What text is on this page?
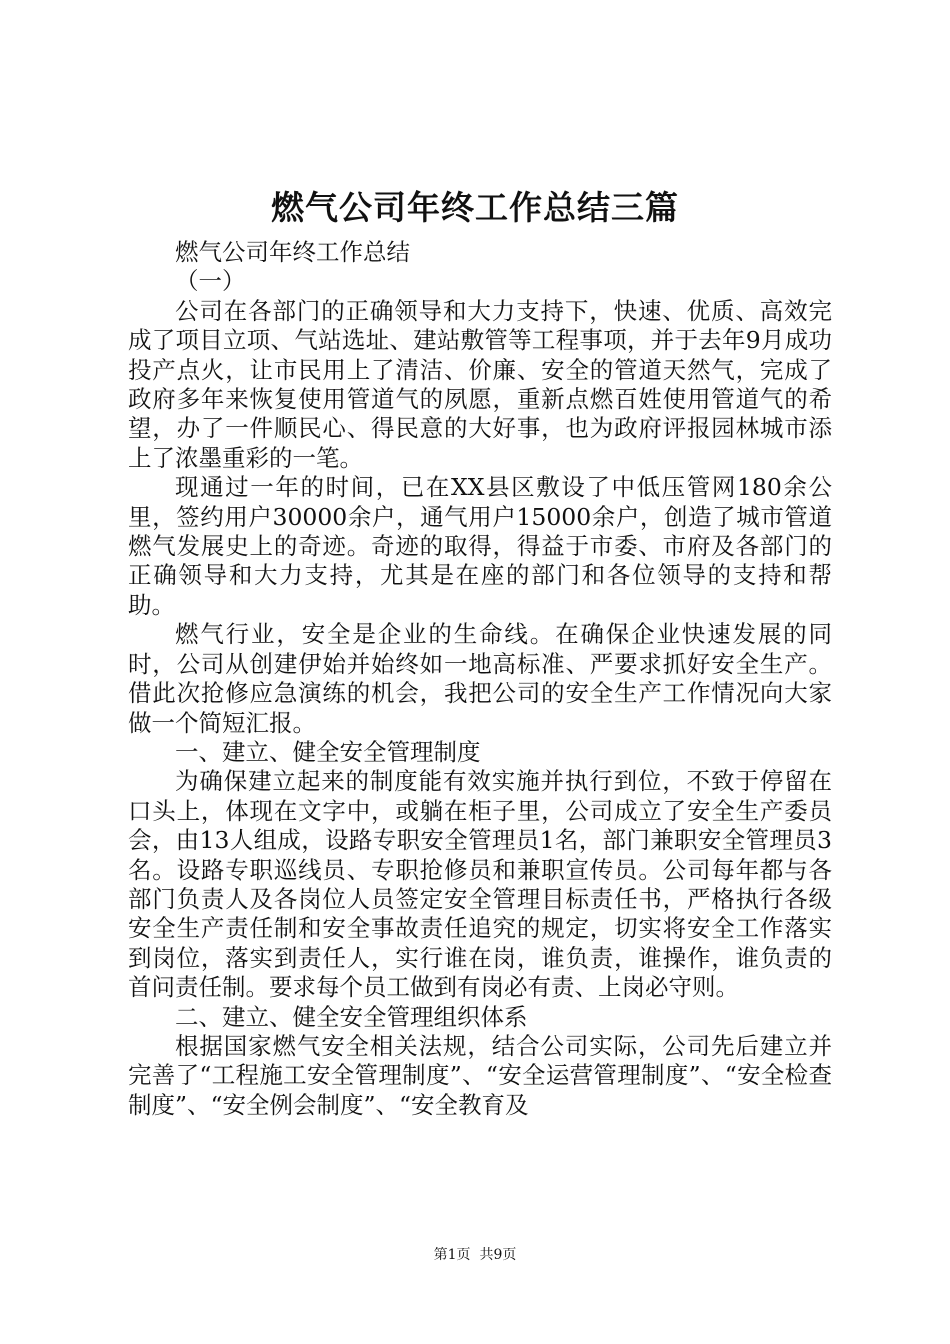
燃气公司年终工作总结三篇

燃气公司年终工作总结

（一）

公司在各部门的正确领导和大力支持下，快速、优质、高效完成了项目立项、气站选址、建站敷管等工程事项，并于去年9月成功投产点火，让市民用上了清洁、价廉、安全的管道天然气，完成了政府多年来恢复使用管道气的夙愿，重新点燃百姓使用管道气的希望，办了一件顺民心、得民意的大好事，也为政府评报园林城市添上了浓墨重彩的一笔。

现通过一年的时间，已在XX县区敷设了中低压管网180余公里，签约用户30000余户，通气用户15000余户，创造了城市管道燃气发展史上的奇迹。奇迹的取得，得益于市委、市府及各部门的正确领导和大力支持，尤其是在座的部门和各位领导的支持和帮助。

燃气行业，安全是企业的生命线。在确保企业快速发展的同时，公司从创建伊始并始终如一地高标准、严要求抓好安全生产。借此次抢修应急演练的机会，我把公司的安全生产工作情况向大家做一个简短汇报。

一、建立、健全安全管理制度

为确保建立起来的制度能有效实施并执行到位，不致于停留在口头上，体现在文字中，或躺在柜子里，公司成立了安全生产委员会，由13人组成，设路专职安全管理员1名，部门兼职安全管理员3名。设路专职巡线员、专职抢修员和兼职宣传员。公司每年都与各部门负责人及各岗位人员签定安全管理目标责任书，严格执行各级安全生产责任制和安全事故责任追究的规定，切实将安全工作落实到岗位，落实到责任人，实行谁在岗，谁负责，谁操作，谁负责的首问责任制。要求每个员工做到有岗必有责、上岗必守则。

二、建立、健全安全管理组织体系

根据国家燃气安全相关法规，结合公司实际，公司先后建立并完善了“工程施工安全管理制度”、“安全运营管理制度”、“安全检查制度”、“安全例会制度”、“安全教育及

第1页 共9页
